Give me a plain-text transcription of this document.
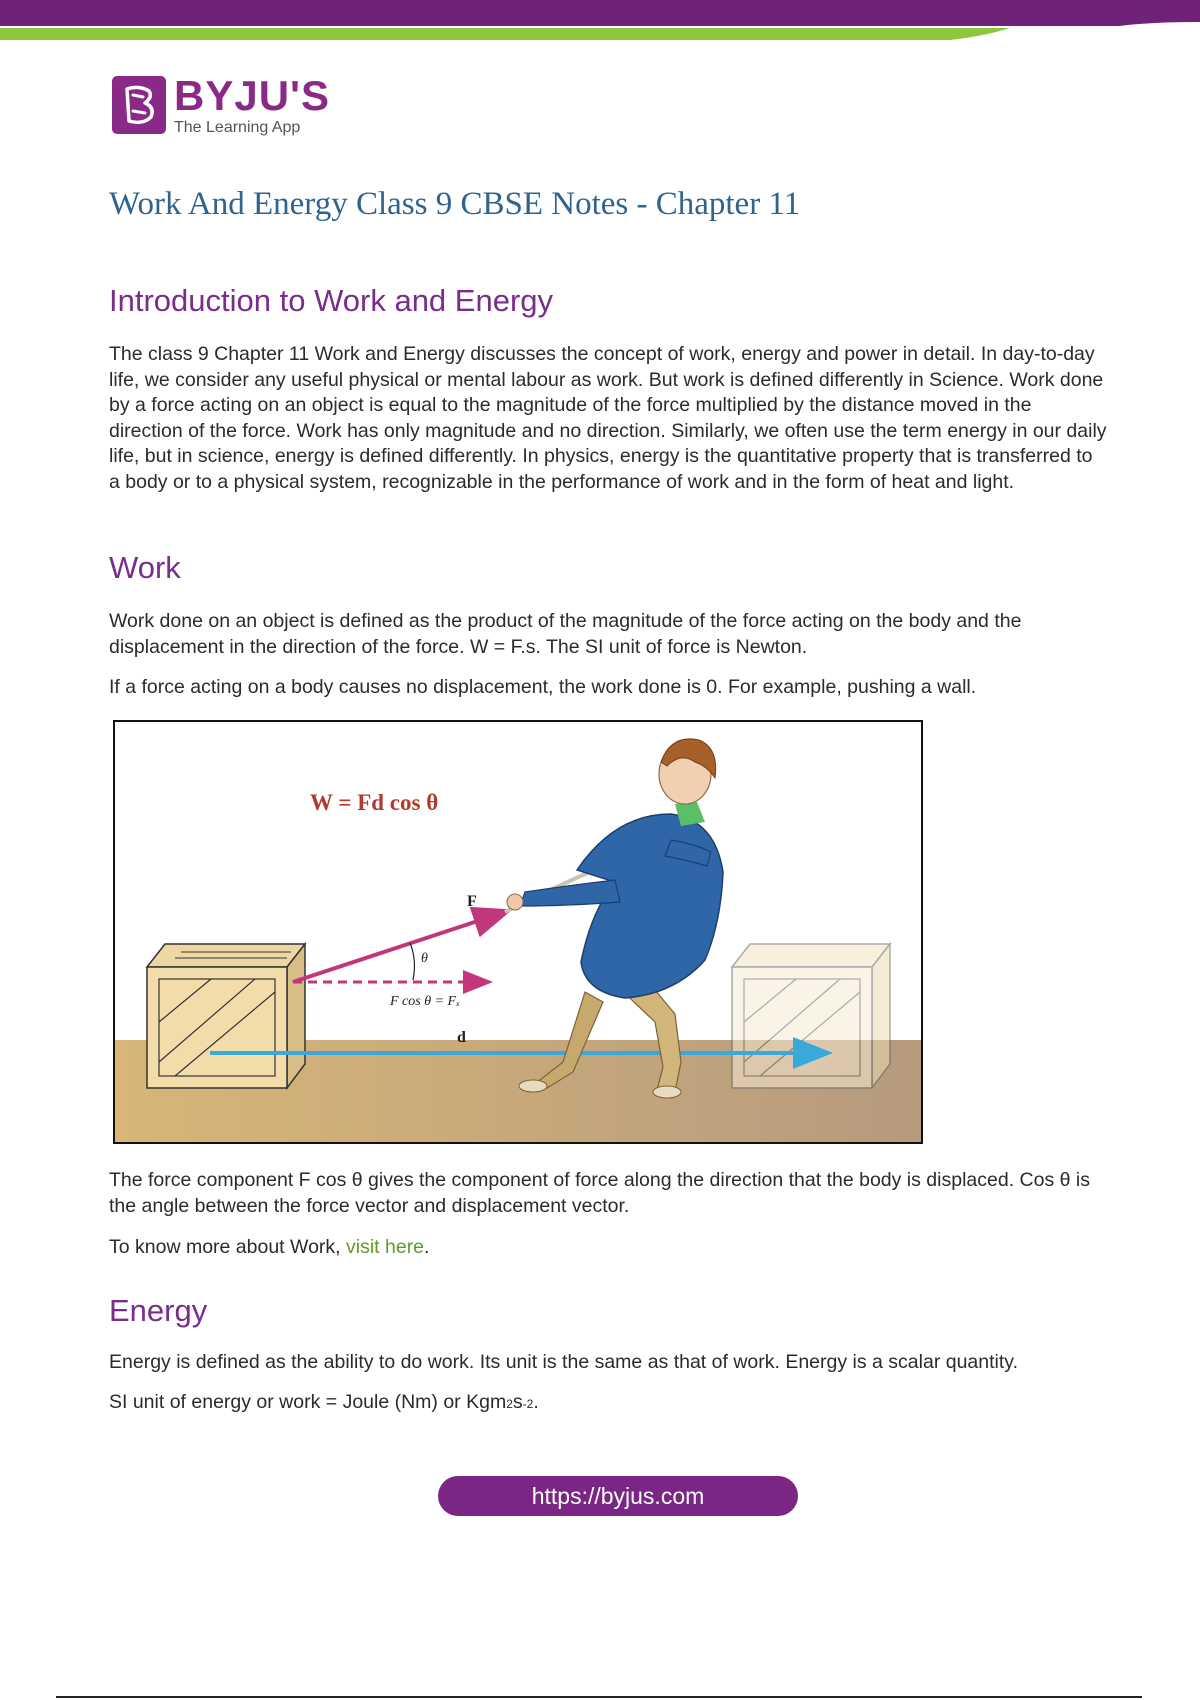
BYJU'S
The Learning App
Work And Energy Class 9 CBSE Notes - Chapter 11
Introduction to Work and Energy

The class 9 Chapter 11 Work and Energy discusses the concept of work, energy and power in detail. In day-to-day life, we consider any useful physical or mental labour as work. But work is defined differently in Science. Work done by a force acting on an object is equal to the magnitude of the force multiplied by the distance moved in the direction of the force. Work has only magnitude and no direction. Similarly, we often use the term energy in our daily life, but in science, energy is defined differently. In physics, energy is the quantitative property that is transferred to a body or to a physical system, recognizable in the performance of work and in the form of heat and light.

Work

Work done on an object is defined as the product of the magnitude of the force acting on the body and the displacement in the direction of the force. W = F.s. The SI unit of force is Newton.

If a force acting on a body causes no displacement, the work done is 0. For example, pushing a wall.

W = Fd cos θ
F⃗
θ
F cos θ = Fₓ
d⃗

The force component F cos θ gives the component of force along the direction that the body is displaced. Cos θ is the angle between the force vector and displacement vector.

To know more about Work, visit here.

Energy

Energy is defined as the ability to do work. Its unit is the same as that of work. Energy is a scalar quantity.

SI unit of energy or work = Joule (Nm) or Kgm2s-2.

https://byjus.com
